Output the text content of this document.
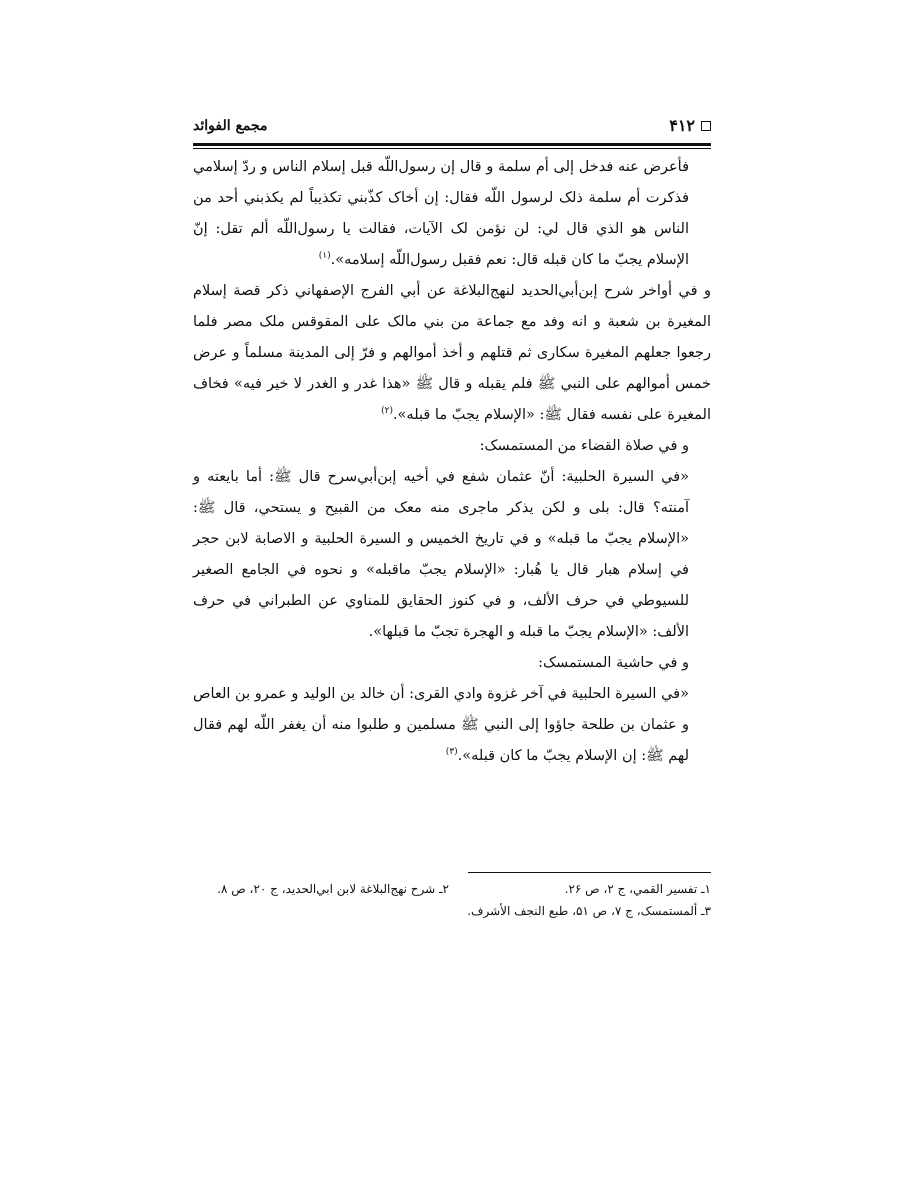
۴۱۲
مجمع الفوائد

فأعرض عنه فدخل إلى أم سلمة و قال إن رسول‌اللّه قبل إسلام الناس و ردّ إسلامي فذكرت أم سلمة ذلک لرسول اللّه فقال: إن أخاک كذّبني تكذيباً لم يكذبني أحد من الناس هو الذي قال لي: لن نؤمن لک الآيات، فقالت يا رسول‌اللّه ألم تقل: إنّ الإسلام يجبّ ما كان قبله قال: نعم فقبل رسول‌اللّه إسلامه».$^{(۱)}$

و في أواخر شرح إبن‌أبي‌الحديد لنهج‌البلاغة عن أبي الفرج الإصفهاني ذكر قصة إسلام المغيرة بن شعبة و انه وفد مع جماعة من بني مالک على المقوقس ملک مصر فلما رجعوا جعلهم المغيرة سكارى ثم قتلهم و أخذ أموالهم و فرّ إلى المدينة مسلماً و عرض خمس أموالهم على النبي ﷺ فلم يقبله و قال ﷺ «هذا غدر و الغدر لا خير فيه» فخاف المغيرة على نفسه فقال ﷺ: «الإسلام يجبّ ما قبله».$^{(۲)}$

و في صلاة القضاء من المستمسک:

«في السيرة الحلبية: أنّ عثمان شفع في أخيه إبن‌أبي‌سرح قال ﷺ: أما بايعته و آمنته؟ قال: بلى و لكن يذكر ماجرى منه معک من القبيح و يستحي، قال ﷺ: «الإسلام يجبّ ما قبله» و في تاريخ الخميس و السيرة الحلبية و الاصابة لابن حجر في إسلام هبار قال يا هُبار: «الإسلام يجبّ ما‌قبله» و نحوه في الجامع الصغير للسيوطي في حرف الألف، و في كنوز الحقايق للمناوي عن الطبراني في حرف الألف: «الإسلام يجبّ ما قبله و الهجرة تجبّ ما قبلها».

و في حاشية المستمسک:

«في السيرة الحلبية في آخر غزوة وادي القرى: أن خالد بن الوليد و عمرو بن العاص و عثمان بن طلحة جاؤوا إلى النبي ﷺ مسلمين و طلبوا منه أن يغفر اللّه لهم فقال لهم ﷺ: إن الإسلام يجبّ ما كان قبله».$^{(۳)}$

۱ـ تفسير القمي، ج ۲، ص ۲۶.
۲ـ شرح نهج‌البلاغة لابن ابي‌الحديد، ج ۲۰، ص ۸.
۳ـ ألمستمسک، ج ۷، ص ۵۱، طبع النجف الأشرف.
